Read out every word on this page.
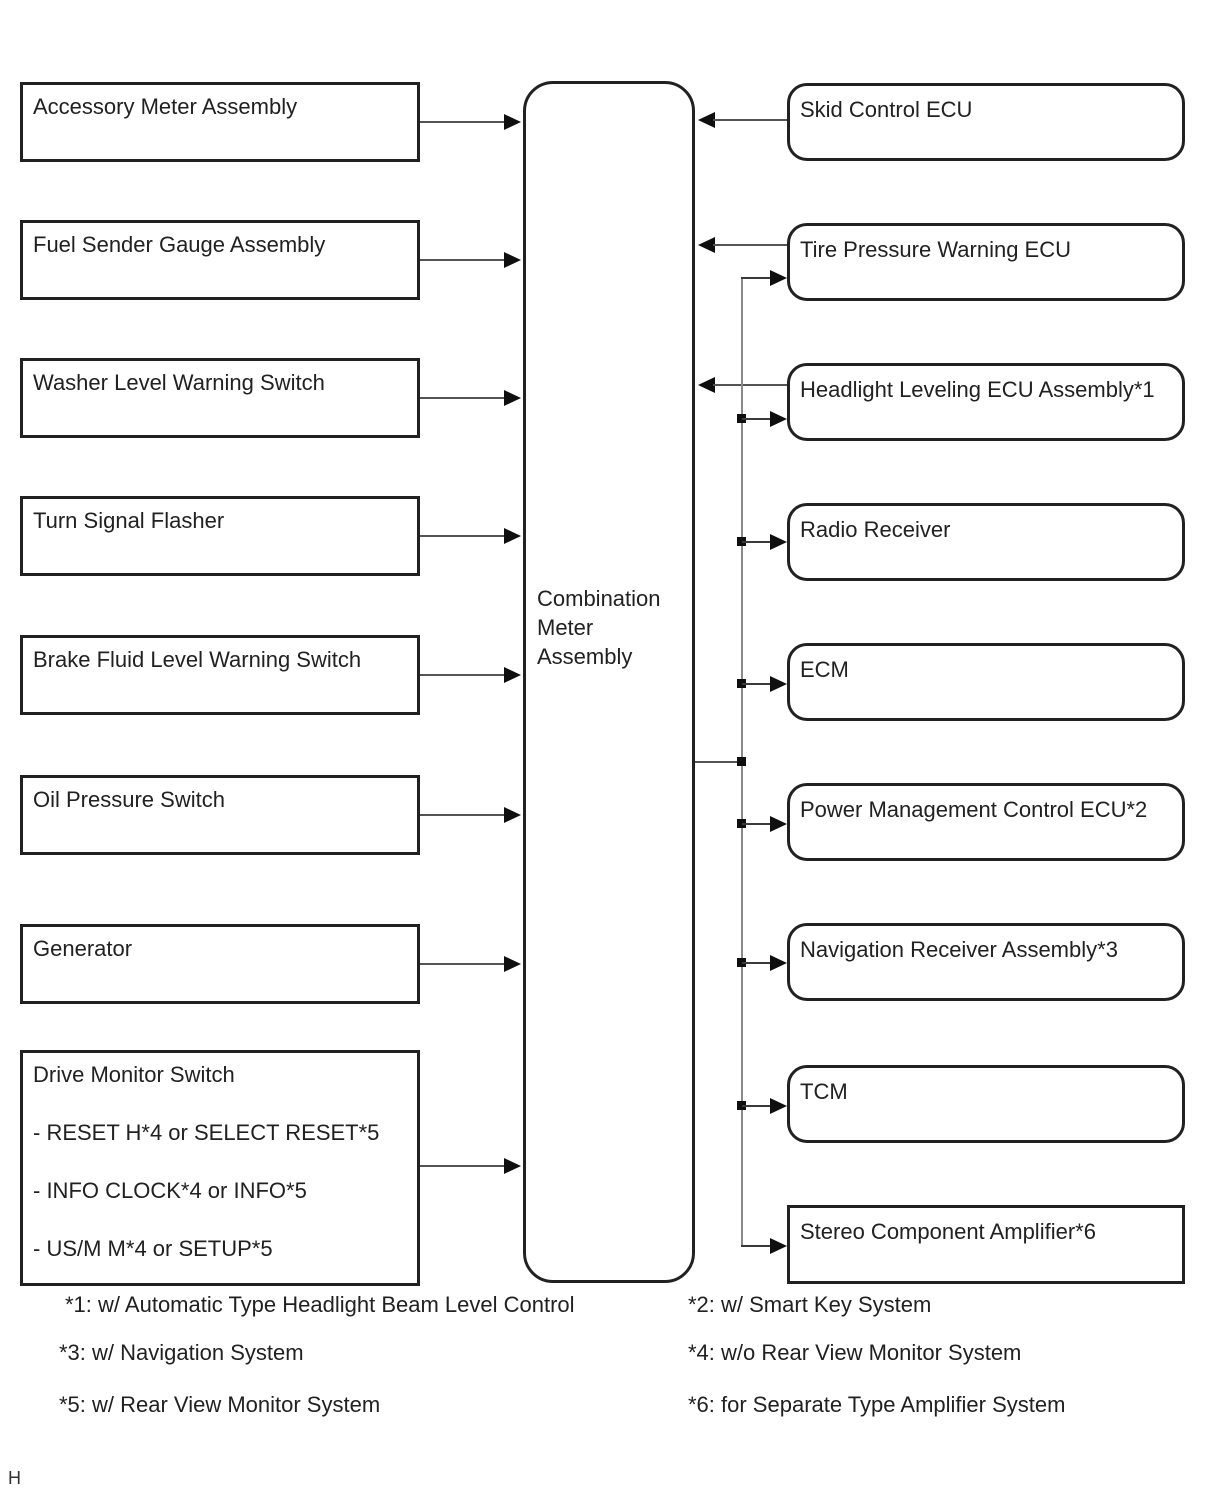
Accessory Meter Assembly
Fuel Sender Gauge Assembly
Washer Level Warning Switch
Turn Signal Flasher
Brake Fluid Level Warning Switch
Oil Pressure Switch
Generator
Drive Monitor Switch
- RESET H*4 or SELECT RESET*5
- INFO CLOCK*4 or INFO*5
- US/M M*4 or SETUP*5
Combination
Meter
Assembly
Skid Control ECU
Tire Pressure Warning ECU
Headlight Leveling ECU Assembly*1
Radio Receiver
ECM
Power Management Control ECU*2
Navigation Receiver Assembly*3
TCM
Stereo Component Amplifier*6
*1: w/ Automatic Type Headlight Beam Level Control
*3: w/ Navigation System
*5: w/ Rear View Monitor System
*2: w/ Smart Key System
*4: w/o Rear View Monitor System
*6: for Separate Type Amplifier System
H
